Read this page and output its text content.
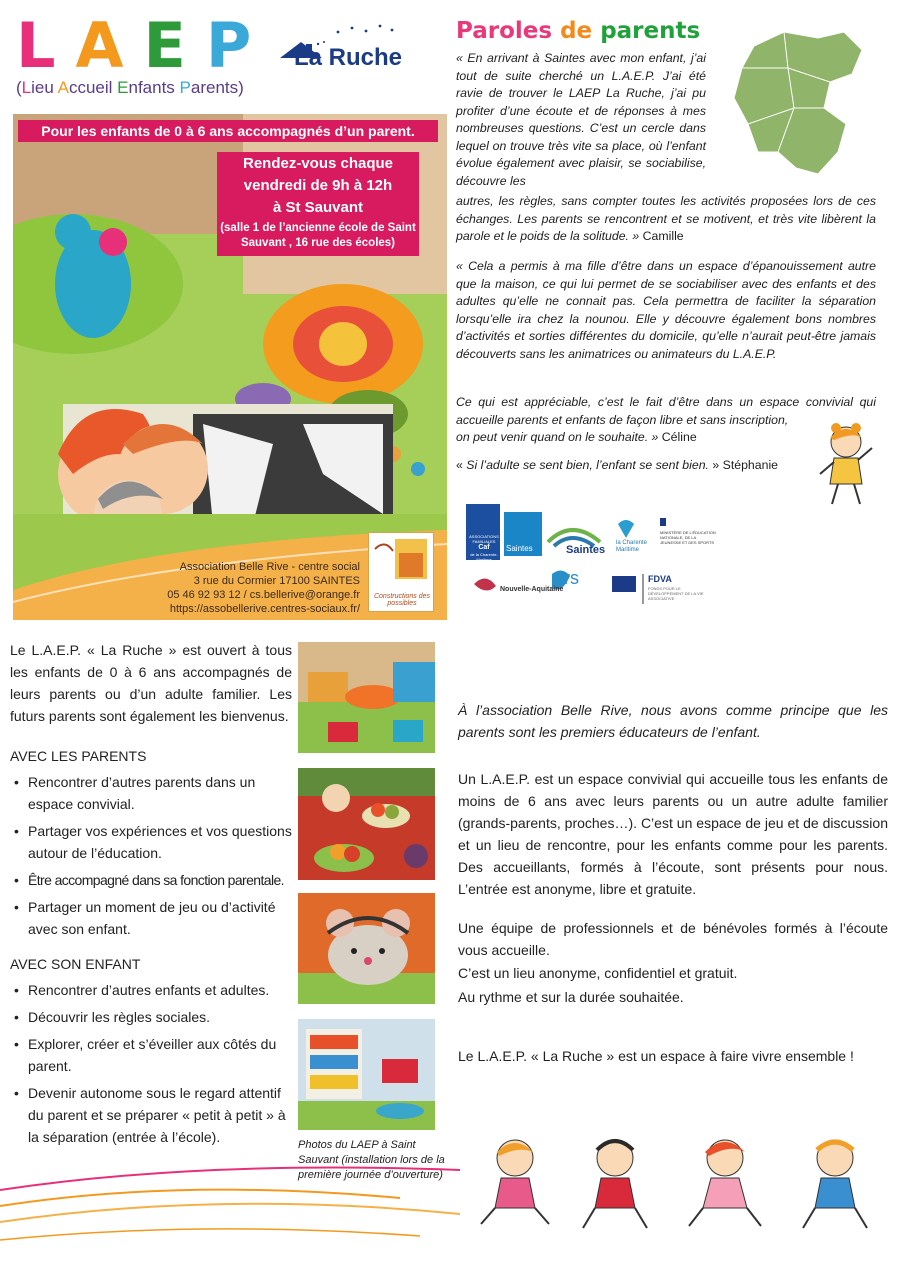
L A E P
(Lieu Accueil Enfants Parents)
La Ruche
Pour les enfants de 0 à 6 ans accompagnés d’un parent.
Rendez-vous chaque
vendredi de 9h à 12h
à St Sauvant
(salle 1 de l’ancienne école de Saint Sauvant , 16 rue des écoles)
Association Belle Rive - centre social
3 rue du Cormier 17100 SAINTES
05 46 92 93 12 / cs.bellerive@orange.fr
https://assobellerive.centres-sociaux.fr/
Constructions des possibles
Paroles de parents
« En arrivant à Saintes avec mon enfant, j’ai tout de suite cherché un L.A.E.P. J’ai été ravie de trouver le LAEP La Ruche, j’ai pu profiter d’une écoute et de réponses à mes nombreuses questions. C’est un cercle dans lequel on trouve très vite sa place, où l’enfant évolue également avec plaisir, se sociabilise, découvre les
autres, les règles, sans compter toutes les activités proposées lors de ces échanges. Les parents se rencontrent et se motivent, et très vite libèrent la parole et le poids de la solitude. » Camille
« Cela a permis à ma fille d’être dans un espace d’épanouissement autre que la maison, ce qui lui permet de se sociabiliser avec des enfants et des adultes qu’elle ne connait pas. Cela permettra de faciliter la séparation lorsqu’elle ira chez la nounou. Elle y découvre également bons nombres d’activités et sorties différentes du domicile, qu’elle n’aurait peut-être jamais découverts sans les animatrices ou animateurs du L.A.E.P.
Ce qui est appréciable, c’est le fait d’être dans un espace convivial qui accueille parents et enfants de façon libre et sans inscription,
on peut venir quand on le souhaite. » Céline
« Si l’adulte se sent bien, l’enfant se sent bien. » Stéphanie
ASSOCIATIONS
FAMILIALES
Caf
de la Charente-Maritime
Saintes	Saintes
la Charente Maritime
MINISTÈRE DE L’ÉDUCATION NATIONALE, DE LA JEUNESSE ET DES SPORTS
Nouvelle-Aquitaine
ars	FDVA
FONDS POUR LE DÉVELOPPEMENT DE LA VIE ASSOCIATIVE
Le L.A.E.P. « La Ruche » est ouvert à tous les enfants de 0 à 6 ans accompagnés de leurs parents ou d’un adulte familier. Les futurs parents sont également les bienvenus.
AVEC LES PARENTS
• Rencontrer d’autres parents dans un espace convivial.
• Partager vos expériences et vos questions autour de l’éducation.
• Être accompagné dans sa fonction parentale.
• Partager un moment de jeu ou d’activité avec son enfant.
AVEC SON ENFANT
• Rencontrer d’autres enfants et adultes.
• Découvrir les règles sociales.
• Explorer, créer et s’éveiller aux côtés du parent.
• Devenir autonome sous le regard attentif du parent et se préparer « petit à petit » à la séparation (entrée à l’école).	Photos du LAEP à Saint Sauvant (installation lors de la première journée d’ouverture)
À l’association Belle Rive, nous avons comme principe que les parents sont les premiers éducateurs de l’enfant.
Un L.A.E.P. est un espace convivial qui accueille tous les enfants de moins de 6 ans avec leurs parents ou un autre adulte familier (grands-parents, proches…). C’est un espace de jeu et de discussion et un lieu de rencontre, pour les enfants comme pour les parents. Des accueillants, formés à l’écoute, sont présents pour nous. L’entrée est anonyme, libre et gratuite.
Une équipe de professionnels et de bénévoles formés à l’écoute vous accueille.
C’est un lieu anonyme, confidentiel et gratuit.
Au rythme et sur la durée souhaitée.
Le L.A.E.P. « La Ruche » est un espace à faire vivre ensemble !
